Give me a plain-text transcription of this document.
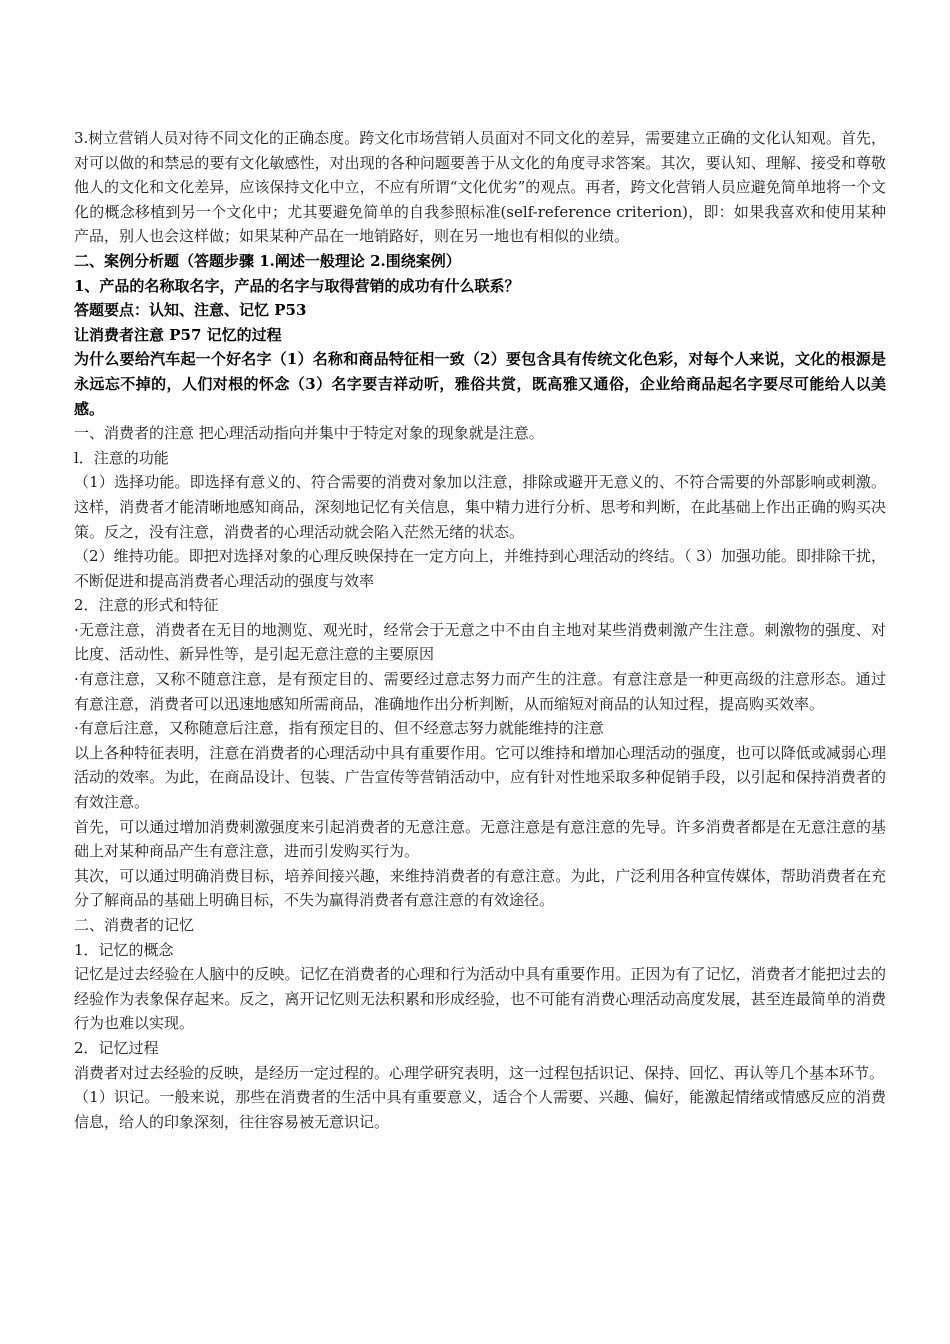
3.树立营销人员对待不同文化的正确态度。跨文化市场营销人员面对不同文化的差异，需要建立正确的文化认知观。首先，对可以做的和禁忌的要有文化敏感性，对出现的各种问题要善于从文化的角度寻求答案。其次，要认知、理解、接受和尊敬他人的文化和文化差异，应该保持文化中立，不应有所谓“文化优劣”的观点。再者，跨文化营销人员应避免简单地将一个文化的概念移植到另一个文化中；尤其要避免简单的自我参照标准(self-reference criterion)，即：如果我喜欢和使用某种产品，别人也会这样做；如果某种产品在一地销路好，则在另一地也有相似的业绩。

二、案例分析题（答题步骤 1.阐述一般理论 2.围绕案例）

1、产品的名称取名字，产品的名字与取得营销的成功有什么联系？

答题要点：认知、注意、记忆 P53

让消费者注意 P57 记忆的过程

为什么要给汽车起一个好名字（1）名称和商品特征相一致（2）要包含具有传统文化色彩，对每个人来说，文化的根源是永远忘不掉的，人们对根的怀念（3）名字要吉祥动听，雅俗共赏，既高雅又通俗，企业给商品起名字要尽可能给人以美感。

一、消费者的注意 把心理活动指向并集中于特定对象的现象就是注意。

l．注意的功能

（1）选择功能。即选择有意义的、符合需要的消费对象加以注意，排除或避开无意义的、不符合需要的外部影响或刺激。这样，消费者才能清晰地感知商品，深刻地记忆有关信息，集中精力进行分析、思考和判断，在此基础上作出正确的购买决策。反之，没有注意，消费者的心理活动就会陷入茫然无绪的状态。

（2）维持功能。即把对选择对象的心理反映保持在一定方向上，并维持到心理活动的终结。（ 3）加强功能。即排除干扰，不断促进和提高消费者心理活动的强度与效率

2．注意的形式和特征

·无意注意，消费者在无目的地测览、观光时，经常会于无意之中不由自主地对某些消费刺激产生注意。刺激物的强度、对比度、活动性、新异性等，是引起无意注意的主要原因

·有意注意，又称不随意注意，是有预定目的、需要经过意志努力而产生的注意。有意注意是一种更高级的注意形态。通过有意注意，消费者可以迅速地感知所需商品，准确地作出分析判断，从而缩短对商品的认知过程，提高购买效率。

·有意后注意，又称随意后注意，指有预定目的、但不经意志努力就能维持的注意

以上各种特征表明，注意在消费者的心理活动中具有重要作用。它可以维持和增加心理活动的强度，也可以降低或减弱心理活动的效率。为此，在商品设计、包装、广告宣传等营销活动中，应有针对性地采取多种促销手段，以引起和保持消费者的有效注意。

首先，可以通过增加消费刺激强度来引起消费者的无意注意。无意注意是有意注意的先导。许多消费者都是在无意注意的基础上对某种商品产生有意注意，进而引发购买行为。

其次，可以通过明确消费目标，培养间接兴趣，来维持消费者的有意注意。为此，广泛利用各种宣传媒体，帮助消费者在充分了解商品的基础上明确目标，不失为赢得消费者有意注意的有效途径。

二、消费者的记忆

1．记忆的概念

记忆是过去经验在人脑中的反映。记忆在消费者的心理和行为活动中具有重要作用。正因为有了记忆，消费者才能把过去的经验作为表象保存起来。反之，离开记忆则无法积累和形成经验，也不可能有消费心理活动高度发展，甚至连最简单的消费行为也难以实现。

2．记忆过程

消费者对过去经验的反映，是经历一定过程的。心理学研究表明，这一过程包括识记、保持、回忆、再认等几个基本环节。

（1）识记。一般来说，那些在消费者的生活中具有重要意义，适合个人需要、兴趣、偏好，能激起情绪或情感反应的消费信息，给人的印象深刻，往往容易被无意识记。
